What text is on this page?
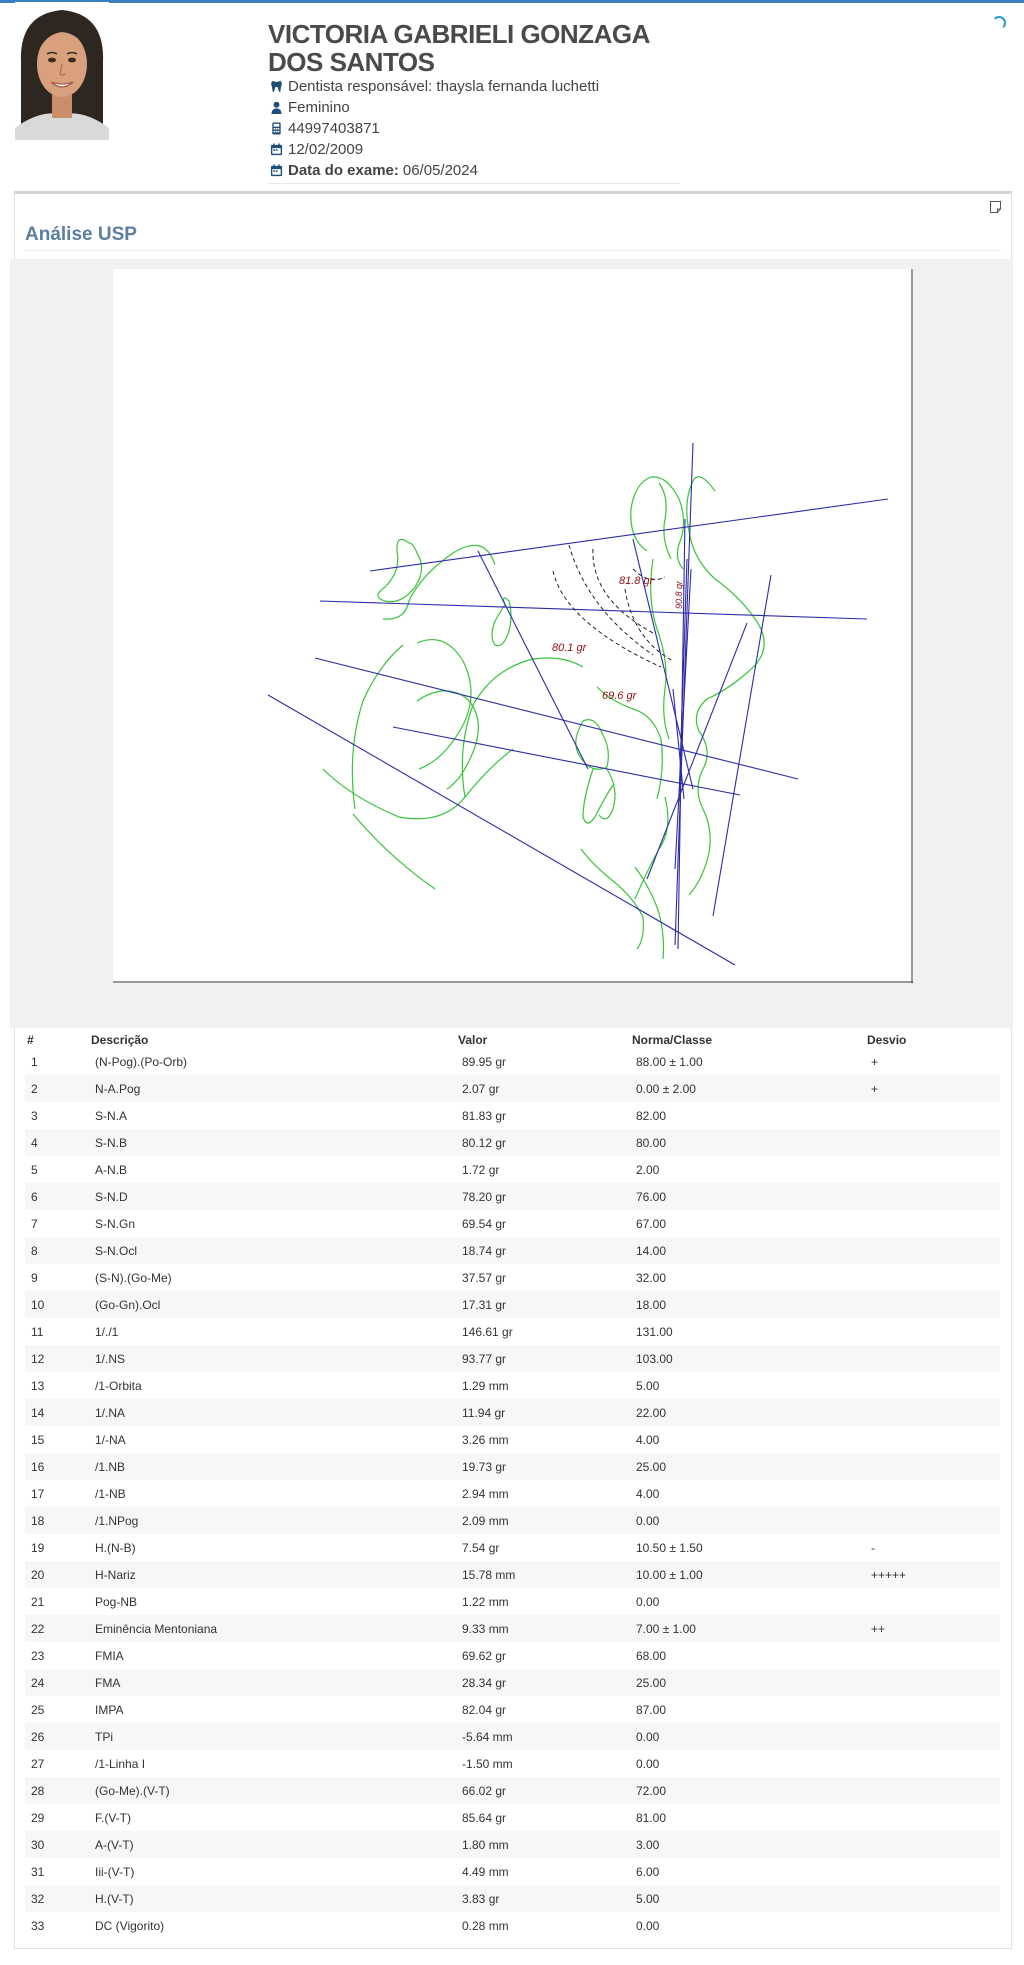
VICTORIA GABRIELI GONZAGA DOS SANTOS
Dentista responsável:
thaysla fernanda luchetti
Feminino
44997403871
12/02/2009
Data do exame: 06/05/2024
Análise USP
81.8 gr
80.1 gr
69.6 gr
90.8 gr
#	Descrição	Valor	Norma/Classe	Desvio
1	(N-Pog).(Po-Orb)	89.95 gr	88.00 ± 1.00	+
2	N-A.Pog	2.07 gr	0.00 ± 2.00	+
3	S-N.A	81.83 gr	82.00	
4	S-N.B	80.12 gr	80.00	
5	A-N.B	1.72 gr	2.00	
6	S-N.D	78.20 gr	76.00	
7	S-N.Gn	69.54 gr	67.00	
8	S-N.Ocl	18.74 gr	14.00	
9	(S-N).(Go-Me)	37.57 gr	32.00	
10	(Go-Gn).Ocl	17.31 gr	18.00	
11	1/./1	146.61 gr	131.00	
12	1/.NS	93.77 gr	103.00	
13	/1-Orbita	1.29 mm	5.00	
14	1/.NA	11.94 gr	22.00	
15	1/-NA	3.26 mm	4.00	
16	/1.NB	19.73 gr	25.00	
17	/1-NB	2.94 mm	4.00	
18	/1.NPog	2.09 mm	0.00	
19	H.(N-B)	7.54 gr	10.50 ± 1.50	-
20	H-Nariz	15.78 mm	10.00 ± 1.00	+++++
21	Pog-NB	1.22 mm	0.00	
22	Eminência Mentoniana	9.33 mm	7.00 ± 1.00	++
23	FMIA	69.62 gr	68.00	
24	FMA	28.34 gr	25.00	
25	IMPA	82.04 gr	87.00	
26	TPi	-5.64 mm	0.00	
27	/1-Linha I	-1.50 mm	0.00	
28	(Go-Me).(V-T)	66.02 gr	72.00	
29	F.(V-T)	85.64 gr	81.00	
30	A-(V-T)	1.80 mm	3.00	
31	Iii-(V-T)	4.49 mm	6.00	
32	H.(V-T)	3.83 gr	5.00	
33	DC (Vigorito)	0.28 mm	0.00	
